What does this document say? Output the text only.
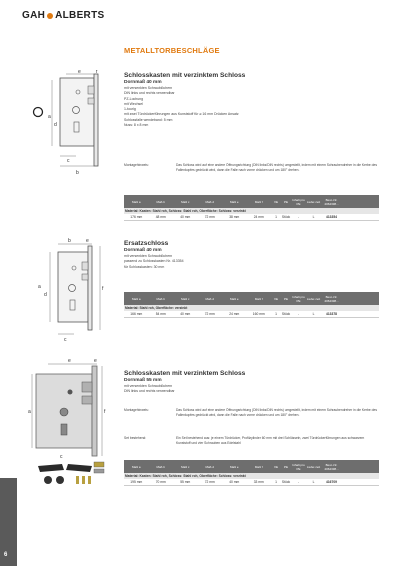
GAH ALBERTS
METALLTORBESCHLÄGE
a
d
e	f
c
b
Schlosskasten mit verzinktem Schloss
Dornmaß 40 mm
mit versenkten Schraublöchern
DIN links und rechts verwendbar
PZ-Lochung
mit Wechsel
1-tourig
mit zwei Türdrückerführungen aus Kunststoff für ⌀ 16 mm Drücken Ansatz
Schlossfalle wendeband: 5 mm
Nuss: 8 x 8 mm
Montagehinweis:	Das Schloss wird auf eine andere Öffnungsrichtung (DIN links/DIN rechts) umgestellt, indem mit einem Schraubendreher in die Kerbe des Fallenkopfes gedrückt wird, dann die Falle nach vorne drücken und um 180° drehen.
Maß a	Maß b	Maß c	Maß d	Maß e	Maß f	VE	PE	Inhalt pro PE	Liefer-zeit	Best.-Nr. 4064338...
Material: Kasten: Stahl roh, Schloss: Stahl roh, Oberfläche: Schloss: verzinkt
176 mm	48 mm	40 mm	72 mm	38 mm	24 mm	1	Stück	-	L	413354
a
d
b	e
f
c
Ersatzschloss
Dornmaß 40 mm
mit versenkten Schraublöchern
passend zu Schlosskasten Nr. 413354
für Schlosskasten: 30 mm
Maß a	Maß b	Maß c	Maß d	Maß e	Maß f	VE	PE	Inhalt pro PE	Liefer-zeit	Best.-Nr. 4064338...
Material: Stahl roh, Oberfläche: verzinkt
166 mm	54 mm	40 mm	72 mm	24 mm	160 mm	1	Stück	-	L	413378
a
e	e
f
c
Schlosskasten mit verzinktem Schloss
Dornmaß 55 mm
mit versenkten Schraublöchern
DIN links und rechts verwendbar
Montagehinweis:	Das Schloss wird auf eine andere Öffnungsrichtung (DIN links/DIN rechts) umgestellt, indem mit einem Schraubendreher in die Kerbe des Fallenkopfes gedrückt wird, dann die Falle nach vorne drücken und um 180° drehen.
Set bestehend:	Ein Set bestehend aus: je einem Türdrücker, Profilzylinder 60 mm mit drei Schlüsseln, zwei Türdrückerführungen aus schwarzem Kunststoff und vier Schrauben aus Edelstahl
Maß a	Maß b	Maß c	Maß d	Maß e	Maß f	VE	PE	Inhalt pro PE	Liefer-zeit	Best.-Nr. 4064338...
Material: Kasten: Stahl roh, Schloss: Stahl roh, Oberfläche: Schloss: verzinkt
195 mm	70 mm	55 mm	72 mm	40 mm	33 mm	1	Stück	-	L	416709
6
